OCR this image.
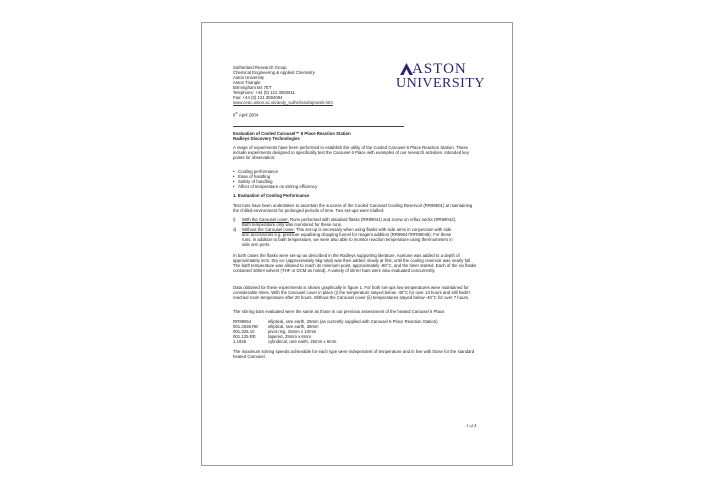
Sutherland Research Group
Chemical Engineering & Applied Chemistry
Aston University
Aston Triangle
Birmingham B4 7ET
Telephone: +44 (0) 121 3593611
Fax: +44 (0) 121 3594094
www.ceac.aston.ac.uk/andy_sutherland/apsweb.htm
ASTON
UNIVERSITY
6th April 2004
Evaluation of Cooled Carousel™ 6 Place Reaction Station
Radleys Discovery Technologies
A range of experiments have been performed to establish the utility of the Cooled Carousel 6 Place Reaction Station. These include experiments designed to specifically test the Carousel 6 Place with examples of our research activities. Intended key points for observation:
•   Cooling performance
•   Ease of handling
•   Safety of handling
•   Affect of temperature on stirring efficiency
1. Evaluation of Cooling Performance
Test runs have been undertaken to ascertain the success of the Cooled Carousel Cooling Reservoir (RR99501) at maintaining the chilled environment for prolonged periods of time. Two set-ups were trialled:
i) With the Carousel cover. Runs performed with standard flasks (RR99041) and screw on reflux necks (RR99042).
Bath temperature only was monitored for these runs.
ii) Without the Carousel cover. This set-up is necessary when using flasks with side arms in conjunction with side
arm accessories e.g. pressure equalising dropping funnel for reagent addition (RR99047/RR99048). For these
runs, in addition to bath temperature, we were also able to monitor reaction temperature using thermometers in
side arm ports.
In both cases the flasks were set-up as described in the Radleys supporting literature. Acetone was added to a depth of approximately 2cm. Dry ice (approximately 5kg total) was then added, slowly at first, until the cooling reservoir was nearly full. The bath temperature was allowed to reach its minimum point, approximately -80°C, and the timer started. Each of the six flasks contained 100ml solvent (THF or DCM as noted). A variety of stirrer bars were also evaluated concurrently.
Data obtained for these experiments is shown graphically in figure 1. For both set-ups low temperatures were maintained for considerable times. With the Carousel cover in place (i) the temperature stayed below -40°C for over 13 hours and still hadn't reached room temperature after 20 hours. Without the Carousel cover (ii) temperatures stayed below -40°C for over 7 hours.
The stirring bars evaluated were the same as those in our previous assessment of the heated Carousel 6 Place.
RR99064	elliptical, rare earth, 25mm (as currently supplied with Carousel 6 Place Reaction Station)
001.2638.RE elliptical, rare earth, 38mm
001.325.10	pivot ring, 25mm x 10mm
001.125.RE	tapered, 25mm x 6mm
1.1925	cylindrical, rare earth, 25mm x 6mm.
The maximum stirring speeds achievable for each type were independent of temperature and in line with those for the standard heated Carousel.
1 of 4
